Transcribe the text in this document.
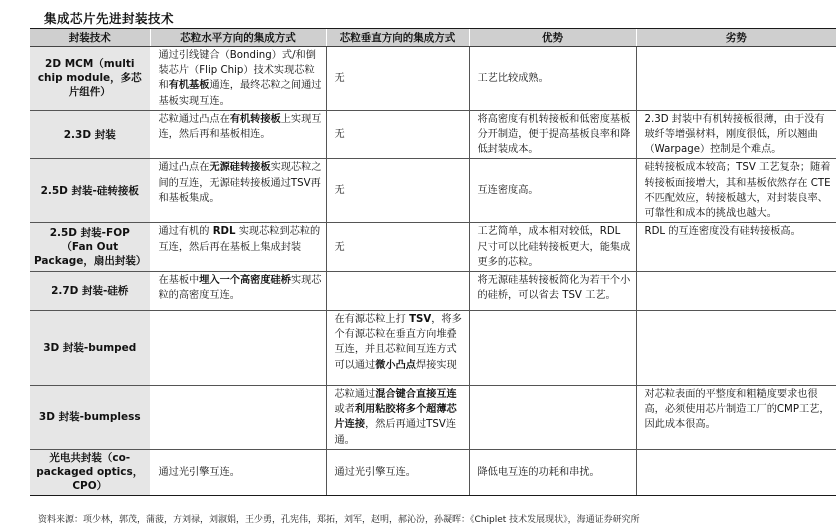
集成芯片先进封装技术
封装技术	芯粒水平方向的集成方式	芯粒垂直方向的集成方式	优势	劣势
2D MCM（multi chip module，多芯片组件）	通过引线键合（Bonding）式/和倒装芯片（Flip Chip）技术实现芯粒和有机基板通连，最终芯粒之间通过基板实现互连。	无	工艺比较成熟。	
2.3D 封装	芯粒通过凸点在有机转接板上实现互连，然后再和基板相连。	无	将高密度有机转接板和低密度基板分开制造，便于提高基板良率和降低封装成本。	2.3D 封装中有机转接板很薄，由于没有玻纤等增强材料，刚度很低，所以翘曲（Warpage）控制是个难点。
2.5D 封装-硅转接板	通过凸点在无源硅转接板实现芯粒之间的互连，无源硅转接板通过TSV再和基板集成。	无	互连密度高。	硅转接板成本较高；TSV 工艺复杂；随着转接板面接增大，其和基板依然存在 CTE 不匹配效应，转接板越大，对封装良率、可靠性和成本的挑战也越大。
2.5D 封装-FOP（Fan Out Package，扇出封装）	通过有机的 RDL 实现芯粒到芯粒的互连，然后再在基板上集成封装	无	工艺简单，成本相对较低，RDL 尺寸可以比硅转接板更大，能集成更多的芯粒。	RDL 的互连密度没有硅转接板高。
2.7D 封装-硅桥	在基板中埋入一个高密度硅桥实现芯粒的高密度互连。		将无源硅基转接板简化为若干个小的硅桥，可以省去 TSV 工艺。	
3D 封装-bumped		在有源芯粒上打 TSV，将多个有源芯粒在垂直方向堆叠互连，并且芯粒间互连方式可以通过微小凸点焊接实现		
3D 封装-bumpless		芯粒通过混合键合直接互连或者利用粘胶将多个超薄芯片连接，然后再通过TSV连通。		对芯粒表面的平整度和粗糙度要求也很高，必须使用芯片制造工厂的CMP工艺，因此成本很高。
光电共封装（co-packaged optics，CPO）	通过光引擎互连。	通过光引擎互连。	降低电互连的功耗和串扰。	
资料来源：项少林，郭茂，蒲菠，方刘禄，刘淑娟，王少勇，孔宪伟，郑拓，刘军，赵明，郝沁汾，孙凝晖：《Chiplet 技术发展现状》，海通证券研究所
